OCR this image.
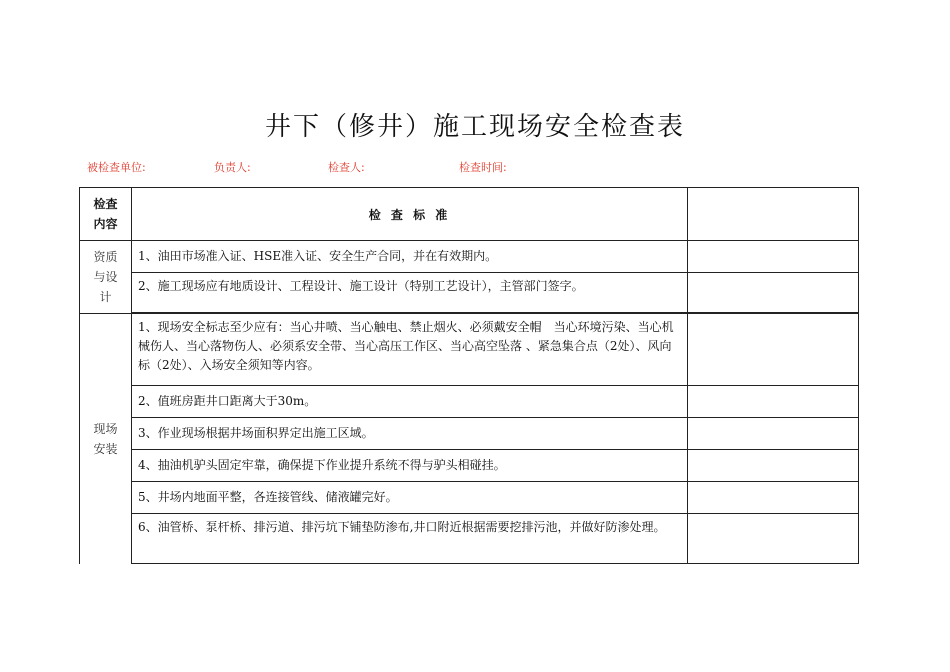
井下（修井）施工现场安全检查表
被检查单位:	负责人:	检查人:	检查时间:
检查内容	检 查 标 准	

资质与设计	1、油田市场准入证、HSE准入证、安全生产合同，并在有效期内。	
	2、施工现场应有地质设计、工程设计、施工设计（特别工艺设计），主管部门签字。	

现场安装	1、现场安全标志至少应有：当心井喷、当心触电、禁止烟火、必须戴安全帽　当心环境污染、当心机械伤人、当心落物伤人、必须系安全带、当心高压工作区、当心高空坠落 、紧急集合点（2处）、风向标（2处）、入场安全须知等内容。	
	2、值班房距井口距离大于30m。	
	3、作业现场根据井场面积界定出施工区域。	
	4、抽油机驴头固定牢靠，确保提下作业提升系统不得与驴头相碰挂。	
	5、井场内地面平整，各连接管线、储液罐完好。	
	6、油管桥、泵杆桥、排污道、排污坑下铺垫防渗布,井口附近根据需要挖排污池，并做好防渗处理。	
